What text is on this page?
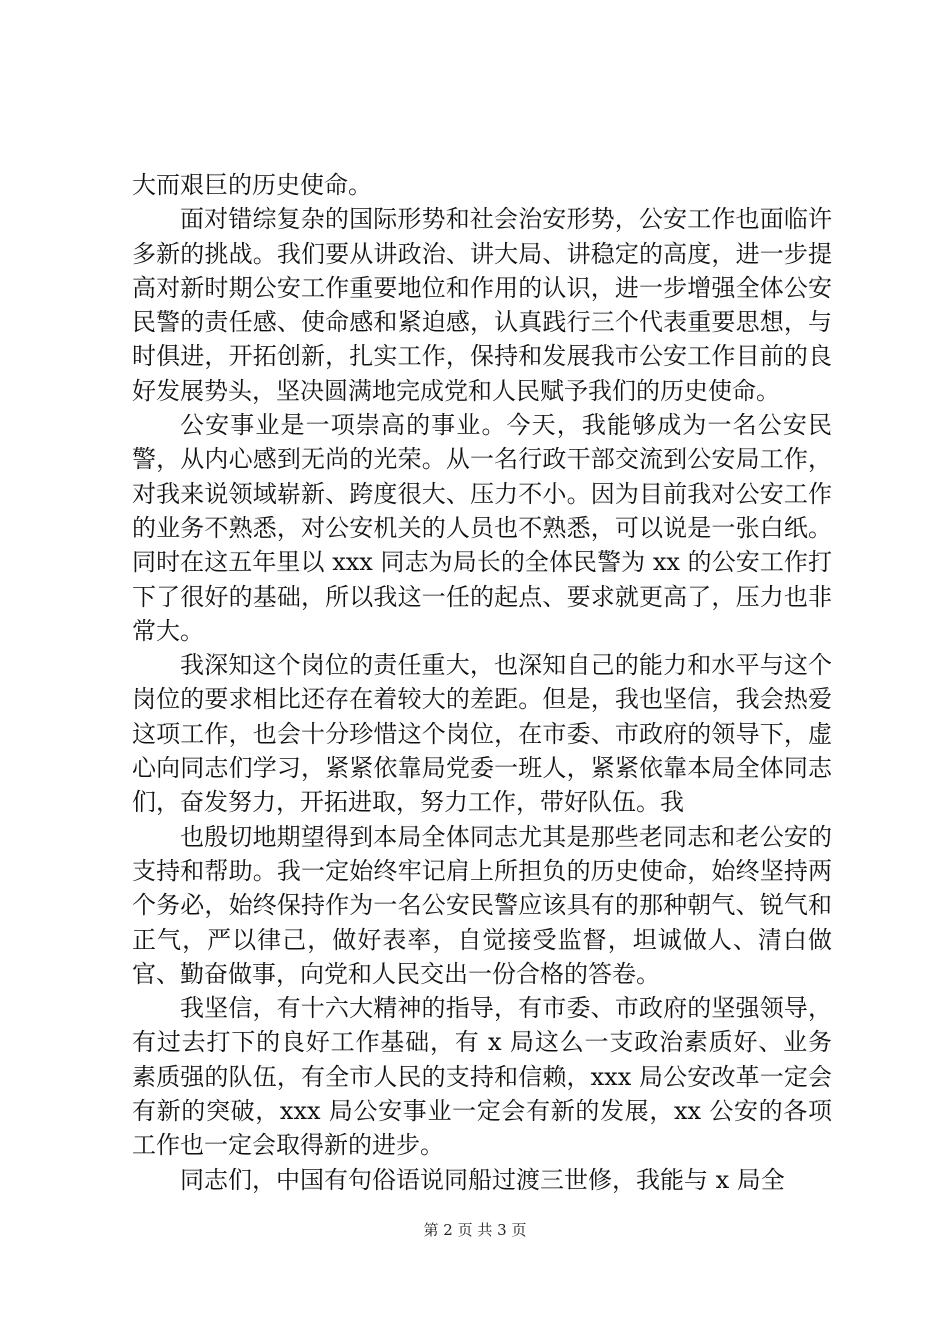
大而艰巨的历史使命。

面对错综复杂的国际形势和社会治安形势，公安工作也面临许多新的挑战。我们要从讲政治、讲大局、讲稳定的高度，进一步提高对新时期公安工作重要地位和作用的认识，进一步增强全体公安民警的责任感、使命感和紧迫感，认真践行三个代表重要思想，与时俱进，开拓创新，扎实工作，保持和发展我市公安工作目前的良好发展势头，坚决圆满地完成党和人民赋予我们的历史使命。

公安事业是一项崇高的事业。今天，我能够成为一名公安民警，从内心感到无尚的光荣。从一名行政干部交流到公安局工作，对我来说领域崭新、跨度很大、压力不小。因为目前我对公安工作的业务不熟悉，对公安机关的人员也不熟悉，可以说是一张白纸。同时在这五年里以 xxx 同志为局长的全体民警为 xx 的公安工作打下了很好的基础，所以我这一任的起点、要求就更高了，压力也非常大。

我深知这个岗位的责任重大，也深知自己的能力和水平与这个岗位的要求相比还存在着较大的差距。但是，我也坚信，我会热爱这项工作，也会十分珍惜这个岗位，在市委、市政府的领导下，虚心向同志们学习，紧紧依靠局党委一班人，紧紧依靠本局全体同志们，奋发努力，开拓进取，努力工作，带好队伍。我

也殷切地期望得到本局全体同志尤其是那些老同志和老公安的支持和帮助。我一定始终牢记肩上所担负的历史使命，始终坚持两个务必，始终保持作为一名公安民警应该具有的那种朝气、锐气和正气，严以律己，做好表率，自觉接受监督，坦诚做人、清白做官、勤奋做事，向党和人民交出一份合格的答卷。

我坚信，有十六大精神的指导，有市委、市政府的坚强领导，有过去打下的良好工作基础，有 x 局这么一支政治素质好、业务素质强的队伍，有全市人民的支持和信赖，xxx 局公安改革一定会有新的突破，xxx 局公安事业一定会有新的发展，xx 公安的各项工作也一定会取得新的进步。

同志们，中国有句俗语说同船过渡三世修，我能与 x 局全

第 2 页 共 3 页
